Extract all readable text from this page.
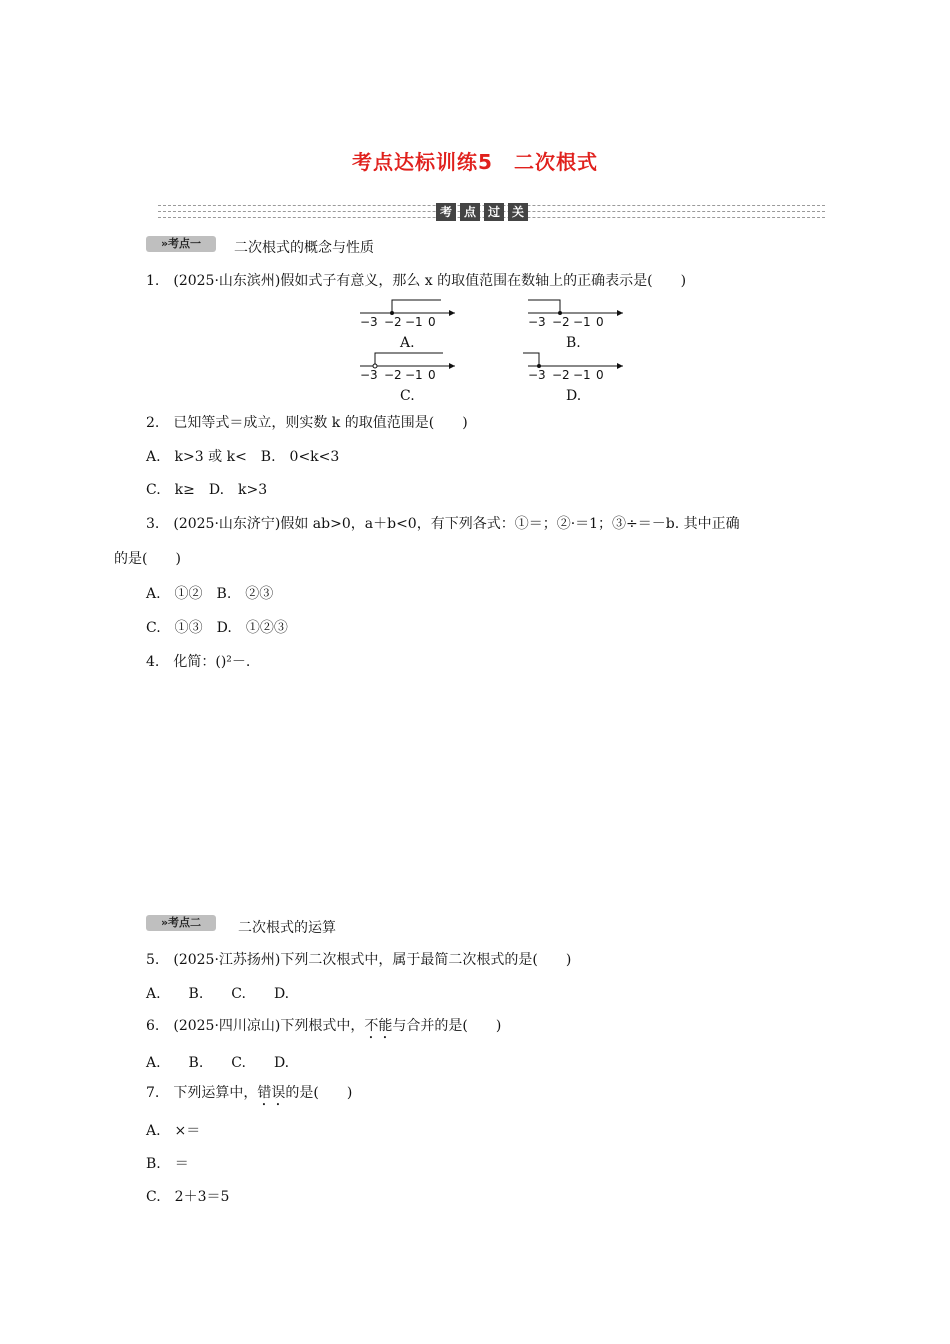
考点达标训练5　二次根式
考 点 过 关
»考点一	二次根式的概念与性质
1.　(2025·山东滨州)假如式子有意义，那么 x 的取值范围在数轴上的正确表示是(　　)
−3 −2 −1 0	−3 −2 −1 0
A.	B.
−3 −2 −1 0	−3 −2 −1 0
C.	D.
2.　已知等式＝成立，则实数 k 的取值范围是(　　)
A.　k>3 或 k<　B.　0<k<3
C.　k≥　D.　k>3
3.　(2025·山东济宁)假如 ab>0，a＋b<0，有下列各式：①＝；②·＝1；③÷＝－b. 其中正确
的是(　　)
A.　①②　B.　②③
C.　①③　D.　①②③
4.　化简：()²－.
»考点二	二次根式的运算
5.　(2025·江苏扬州)下列二次根式中，属于最简二次根式的是(　　)
A.　　B.　　C.　　D.
6.　(2025·四川凉山)下列根式中，不能与合并的是(　　)
A.　　B.　　C.　　D.
7.　下列运算中，错误的是(　　)
A.　×＝
B.　＝
C.　2＋3＝5
